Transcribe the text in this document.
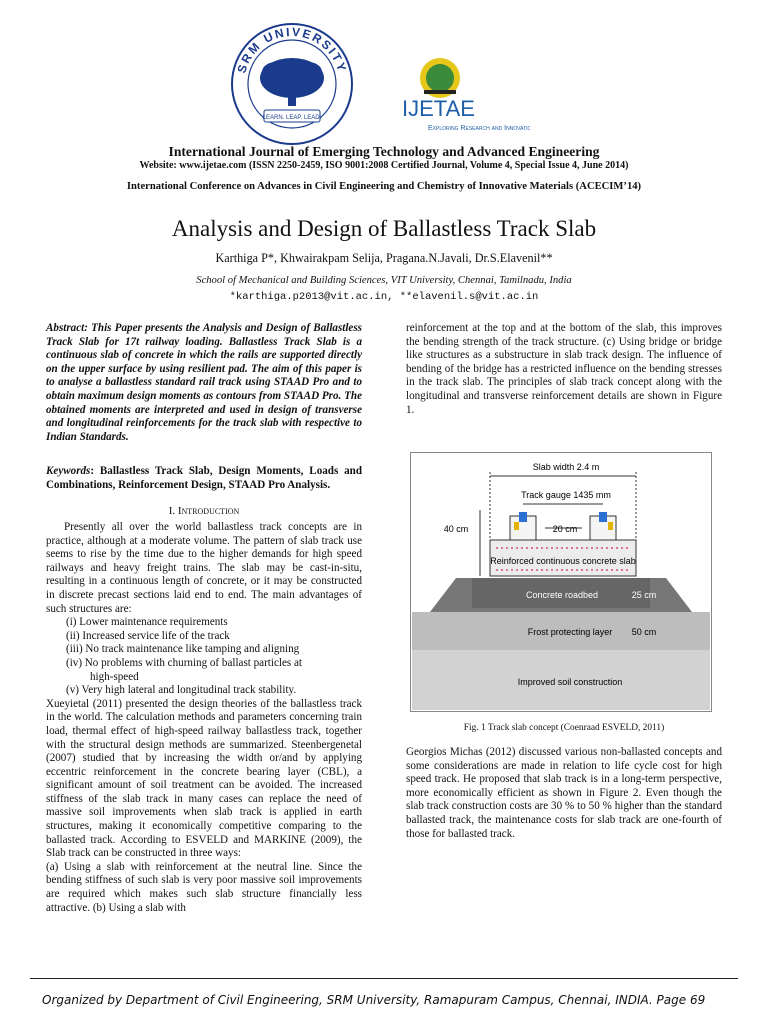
SRM UNIVERSITY
LEARN. LEAP. LEAD.	IJETAE
Exploring Research and Innovations
International Journal of Emerging Technology and Advanced Engineering
Website: www.ijetae.com (ISSN 2250-2459, ISO 9001:2008 Certified Journal, Volume 4, Special Issue 4, June 2014)
International Conference on Advances in Civil Engineering and Chemistry of Innovative Materials (ACECIM’14)
Analysis and Design of Ballastless Track Slab
Karthiga P*, Khwairakpam Selija, Pragana.N.Javali, Dr.S.Elavenil**
School of Mechanical and Building Sciences, VIT University, Chennai, Tamilnadu, India
*karthiga.p2013@vit.ac.in, **elavenil.s@vit.ac.in
Abstract: This Paper presents the Analysis and Design of Ballastless Track Slab for 17t railway loading. Ballastless Track Slab is a continuous slab of concrete in which the rails are supported directly on the upper surface by using resilient pad. The aim of this paper is to analyse a ballastless standard rail track using STAAD Pro and to obtain maximum design moments as contours from STAAD Pro. The obtained moments are interpreted and used in design of transverse and longitudinal reinforcements for the track slab with respective to Indian Standards.
Keywords: Ballastless Track Slab, Design Moments, Loads and Combinations, Reinforcement Design, STAAD Pro Analysis.
I. Introduction
Presently all over the world ballastless track concepts are in practice, although at a moderate volume. The pattern of slab track use seems to rise by the time due to the higher demands for high speed railways and heavy freight trains. The slab may be cast-in-situ, resulting in a continuous length of concrete, or it may be constructed in discrete precast sections laid end to end. The main advantages of such structures are:
(i) Lower maintenance requirements
(ii) Increased service life of the track
(iii) No track maintenance like tamping and aligning
(iv) No problems with churning of ballast particles at
high-speed
(v) Very high lateral and longitudinal track stability.
Xueyietal (2011) presented the design theories of the ballastless track in the world. The calculation methods and parameters concerning train load, thermal effect of high-speed railway ballastless track, together with the structural design methods are summarized. Steenbergenetal (2007) studied that by increasing the width or/and by applying eccentric reinforcement in the concrete bearing layer (CBL), a significant amount of soil treatment can be avoided. The increased stiffness of the slab track in many cases can replace the need of massive soil improvements when slab track is applied in earth structures, making it economically competitive comparing to the ballasted track. According to ESVELD and MARKINE (2009), the Slab track can be constructed in three ways:
(a) Using a slab with reinforcement at the neutral line. Since the bending stiffness of such slab is very poor massive soil improvements are required which makes such slab structure financially less attractive. (b) Using a slab with
reinforcement at the top and at the bottom of the slab, this improves the bending strength of the track structure. (c) Using bridge or bridge like structures as a substructure in slab track design. The influence of bending of the bridge has a restricted influence on the bending stresses in the track slab. The principles of slab track concept along with the longitudinal and transverse reinforcement details are shown in Figure 1.
Slab width 2.4 m
Track gauge 1435 mm
40 cm	20 cm
Reinforced continuous concrete slab
Concrete roadbed	25 cm
Frost protecting layer 50 cm
Improved soil construction
Fig. 1 Track slab concept (Coenraad ESVELD, 2011)
Georgios Michas (2012) discussed various non-ballasted concepts and some considerations are made in relation to life cycle cost for high speed track. He proposed that slab track is in a long-term perspective, more economically efficient as shown in Figure 2. Even though the slab track construction costs are 30 % to 50 % higher than the standard ballasted track, the maintenance costs for slab track are one-fourth of those for ballasted track.
Organized by Department of Civil Engineering, SRM University, Ramapuram Campus, Chennai, INDIA. Page 69
